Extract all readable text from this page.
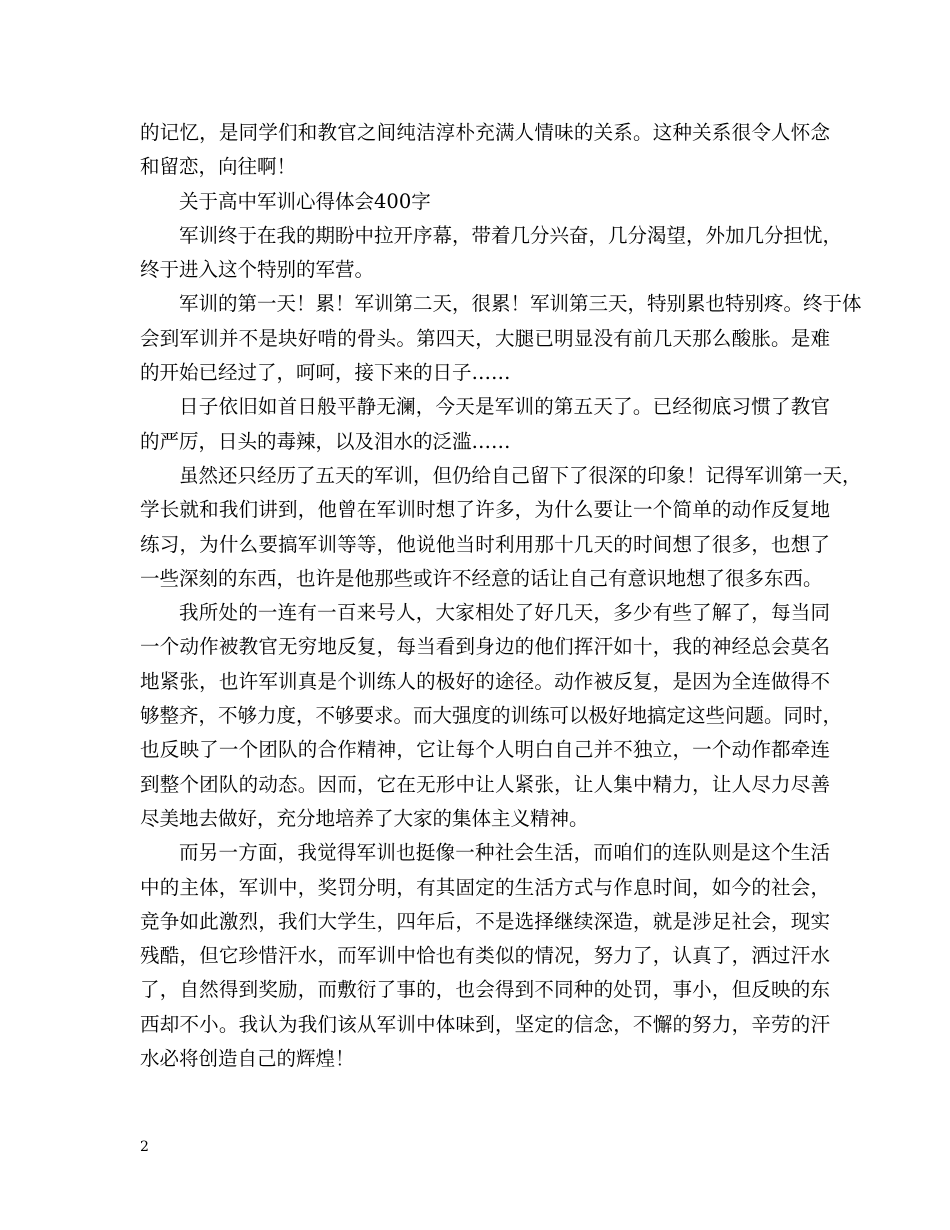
的记忆，是同学们和教官之间纯洁淳朴充满人情味的关系。这种关系很令人怀念
和留恋，向往啊！

关于高中军训心得体会400字

军训终于在我的期盼中拉开序幕，带着几分兴奋，几分渴望，外加几分担忧，
终于进入这个特别的军营。

军训的第一天！累！军训第二天，很累！军训第三天，特别累也特别疼。终于体
会到军训并不是块好啃的骨头。第四天，大腿已明显没有前几天那么酸胀。是难
的开始已经过了，呵呵，接下来的日子……

日子依旧如首日般平静无澜，今天是军训的第五天了。已经彻底习惯了教官
的严厉，日头的毒辣，以及泪水的泛滥……

虽然还只经历了五天的军训，但仍给自己留下了很深的印象！记得军训第一天，
学长就和我们讲到，他曾在军训时想了许多，为什么要让一个简单的动作反复地
练习，为什么要搞军训等等，他说他当时利用那十几天的时间想了很多，也想了
一些深刻的东西，也许是他那些或许不经意的话让自己有意识地想了很多东西。

我所处的一连有一百来号人，大家相处了好几天，多少有些了解了，每当同
一个动作被教官无穷地反复，每当看到身边的他们挥汗如十，我的神经总会莫名
地紧张，也许军训真是个训练人的极好的途径。动作被反复，是因为全连做得不
够整齐，不够力度，不够要求。而大强度的训练可以极好地搞定这些问题。同时，
也反映了一个团队的合作精神，它让每个人明白自己并不独立，一个动作都牵连
到整个团队的动态。因而，它在无形中让人紧张，让人集中精力，让人尽力尽善
尽美地去做好，充分地培养了大家的集体主义精神。

而另一方面，我觉得军训也挺像一种社会生活，而咱们的连队则是这个生活
中的主体，军训中，奖罚分明，有其固定的生活方式与作息时间，如今的社会，
竞争如此激烈，我们大学生，四年后，不是选择继续深造，就是涉足社会，现实
残酷，但它珍惜汗水，而军训中恰也有类似的情况，努力了，认真了，洒过汗水
了，自然得到奖励，而敷衍了事的，也会得到不同种的处罚，事小，但反映的东
西却不小。我认为我们该从军训中体味到，坚定的信念，不懈的努力，辛劳的汗
水必将创造自己的辉煌！

2
